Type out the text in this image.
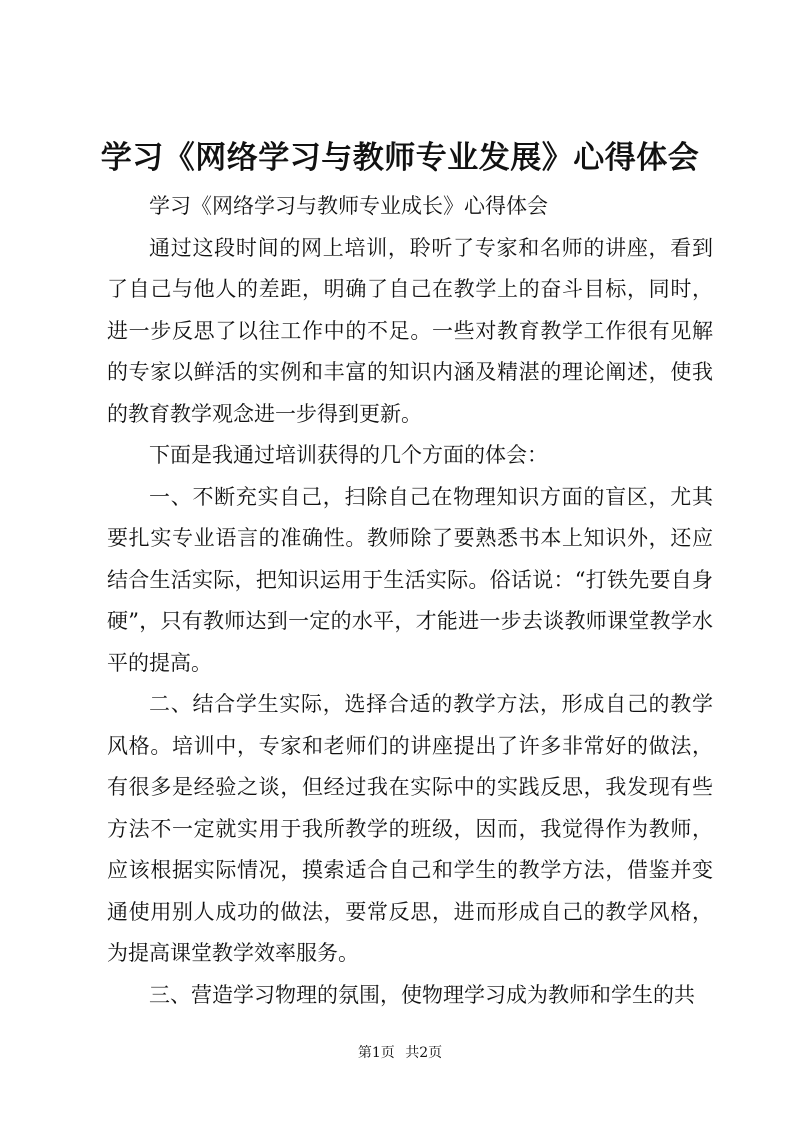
学习《网络学习与教师专业发展》心得体会

学习《网络学习与教师专业成长》心得体会

通过这段时间的网上培训，聆听了专家和名师的讲座，看到了自己与他人的差距，明确了自己在教学上的奋斗目标，同时，进一步反思了以往工作中的不足。一些对教育教学工作很有见解的专家以鲜活的实例和丰富的知识内涵及精湛的理论阐述，使我的教育教学观念进一步得到更新。

下面是我通过培训获得的几个方面的体会：

一、不断充实自己，扫除自己在物理知识方面的盲区，尤其要扎实专业语言的准确性。教师除了要熟悉书本上知识外，还应结合生活实际，把知识运用于生活实际。俗话说：“打铁先要自身硬”，只有教师达到一定的水平，才能进一步去谈教师课堂教学水平的提高。

二、结合学生实际，选择合适的教学方法，形成自己的教学风格。培训中，专家和老师们的讲座提出了许多非常好的做法，有很多是经验之谈，但经过我在实际中的实践反思，我发现有些方法不一定就实用于我所教学的班级，因而，我觉得作为教师，应该根据实际情况，摸索适合自己和学生的教学方法，借鉴并变通使用别人成功的做法，要常反思，进而形成自己的教学风格，为提高课堂教学效率服务。

三、营造学习物理的氛围，使物理学习成为教师和学生的共

第1页 共2页
